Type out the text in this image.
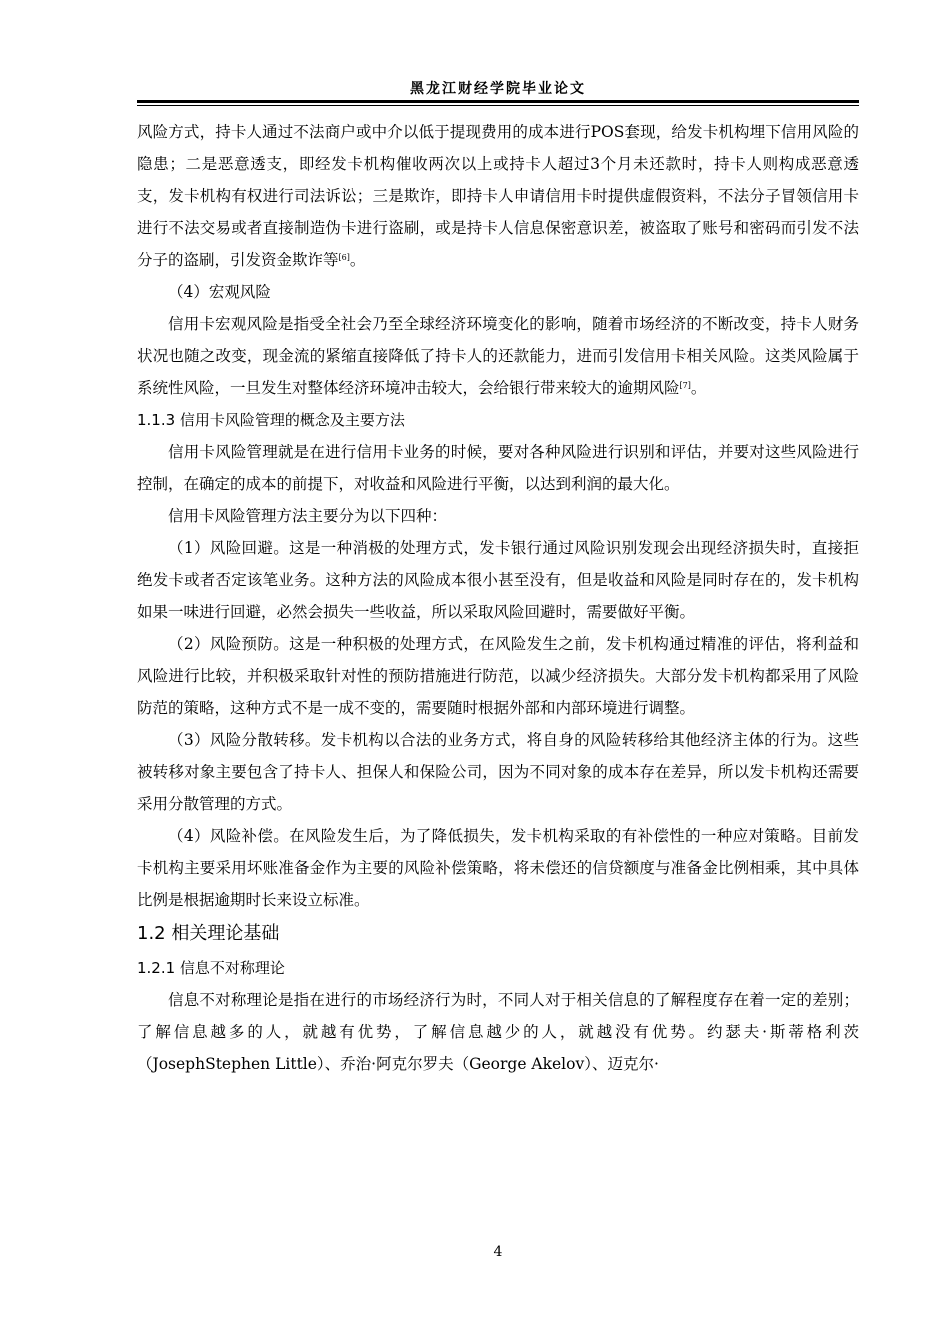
黑龙江财经学院毕业论文

风险方式，持卡人通过不法商户或中介以低于提现费用的成本进行POS套现，给发卡机构埋下信用风险的隐患；二是恶意透支，即经发卡机构催收两次以上或持卡人超过3个月未还款时，持卡人则构成恶意透支，发卡机构有权进行司法诉讼；三是欺诈，即持卡人申请信用卡时提供虚假资料，不法分子冒领信用卡进行不法交易或者直接制造伪卡进行盗刷，或是持卡人信息保密意识差，被盗取了账号和密码而引发不法分子的盗刷，引发资金欺诈等[6]。

（4）宏观风险

信用卡宏观风险是指受全社会乃至全球经济环境变化的影响，随着市场经济的不断改变，持卡人财务状况也随之改变，现金流的紧缩直接降低了持卡人的还款能力，进而引发信用卡相关风险。这类风险属于系统性风险，一旦发生对整体经济环境冲击较大，会给银行带来较大的逾期风险[7]。

1.1.3 信用卡风险管理的概念及主要方法

信用卡风险管理就是在进行信用卡业务的时候，要对各种风险进行识别和评估，并要对这些风险进行控制，在确定的成本的前提下，对收益和风险进行平衡，以达到利润的最大化。

信用卡风险管理方法主要分为以下四种：

（1）风险回避。这是一种消极的处理方式，发卡银行通过风险识别发现会出现经济损失时，直接拒绝发卡或者否定该笔业务。这种方法的风险成本很小甚至没有，但是收益和风险是同时存在的，发卡机构如果一味进行回避，必然会损失一些收益，所以采取风险回避时，需要做好平衡。

（2）风险预防。这是一种积极的处理方式，在风险发生之前，发卡机构通过精准的评估，将利益和风险进行比较，并积极采取针对性的预防措施进行防范，以减少经济损失。大部分发卡机构都采用了风险防范的策略，这种方式不是一成不变的，需要随时根据外部和内部环境进行调整。

（3）风险分散转移。发卡机构以合法的业务方式，将自身的风险转移给其他经济主体的行为。这些被转移对象主要包含了持卡人、担保人和保险公司，因为不同对象的成本存在差异，所以发卡机构还需要采用分散管理的方式。

（4）风险补偿。在风险发生后，为了降低损失，发卡机构采取的有补偿性的一种应对策略。目前发卡机构主要采用坏账准备金作为主要的风险补偿策略，将未偿还的信贷额度与准备金比例相乘，其中具体比例是根据逾期时长来设立标准。

1.2 相关理论基础

1.2.1 信息不对称理论

信息不对称理论是指在进行的市场经济行为时，不同人对于相关信息的了解程度存在着一定的差别；了解信息越多的人，就越有优势，了解信息越少的人，就越没有优势。约瑟夫·斯蒂格利茨（JosephStephen Little）、乔治·阿克尔罗夫（George Akelov）、迈克尔·

4
